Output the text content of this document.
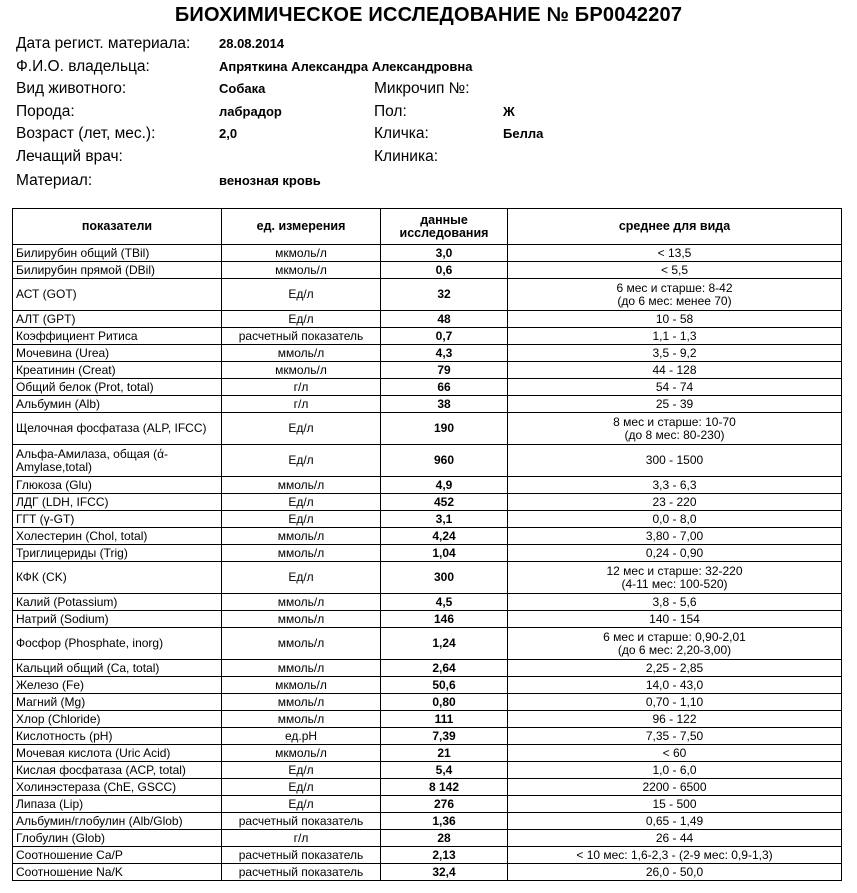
БИОХИМИЧЕСКОЕ ИССЛЕДОВАНИЕ № БР0042207
Дата регист. материала: 28.08.2014
Ф.И.О. владельца:	Апряткина Александра Александровна
Вид животного:	Собака	Микрочип №:
Порода:	лабрадор	Пол:	Ж
Возраст (лет, мес.):	2,0	Кличка:	Белла
Лечащий врач:	Клиника:
Материал:	венозная кровь
показатели	ед. измерения	данные исследования	среднее для вида
Билирубин общий (TBil)	мкмоль/л	3,0	< 13,5

Билирубин прямой (DBil)	мкмоль/л	0,6	< 5,5

АСТ (GOT)	Ед/л	32	6 мес и старше: 8-42
(до 6 мес: менее 70)

АЛТ (GPT)	Ед/л	48	10 - 58

Коэффициент Ритиса	расчетный показатель	0,7	1,1 - 1,3

Мочевина (Urea)	ммоль/л	4,3	3,5 - 9,2

Креатинин (Creat)	мкмоль/л	79	44 - 128

Общий белок (Prot, total)	г/л	66	54 - 74

Альбумин (Alb)	г/л	38	25 - 39

Щелочная фосфатаза (ALP, IFCC)	Ед/л	190	8 мес и старше: 10-70
(до 8 мес: 80-230)

Альфа-Амилаза, общая (ά-Amylase,total)	Ед/л	960	300 - 1500

Глюкоза (Glu)	ммоль/л	4,9	3,3 - 6,3

ЛДГ (LDH, IFCC)	Ед/л	452	23 - 220

ГГТ (γ-GT)	Ед/л	3,1	0,0 - 8,0

Холестерин (Chol, total)	ммоль/л	4,24	3,80 - 7,00

Триглицериды (Trig)	ммоль/л	1,04	0,24 - 0,90

КФК (CK)	Ед/л	300	12 мес и старше: 32-220
(4-11 мес: 100-520)

Калий (Potassium)	ммоль/л	4,5	3,8 - 5,6

Натрий (Sodium)	ммоль/л	146	140 - 154

Фосфор (Phosphate, inorg)	ммоль/л	1,24	6 мес и старше: 0,90-2,01
(до 6 мес: 2,20-3,00)

Кальций общий (Ca, total)	ммоль/л	2,64	2,25 - 2,85

Железо (Fe)	мкмоль/л	50,6	14,0 - 43,0

Магний (Mg)	ммоль/л	0,80	0,70 - 1,10

Хлор (Chloride)	ммоль/л	111	96 - 122

Кислотность (pH)	ед.pH	7,39	7,35 - 7,50

Мочевая кислота (Uric Acid)	мкмоль/л	21	< 60

Кислая фосфатаза (ACP, total)	Ед/л	5,4	1,0 - 6,0

Холинэстераза (ChE, GSCC)	Ед/л	8 142	2200 - 6500

Липаза (Lip)	Ед/л	276	15 - 500

Альбумин/глобулин (Alb/Glob)	расчетный показатель	1,36	0,65 - 1,49

Глобулин (Glob)	г/л	28	26 - 44

Соотношение Ca/P	расчетный показатель	2,13	< 10 мес: 1,6-2,3 - (2-9 мес: 0,9-1,3)

Соотношение Na/K	расчетный показатель	32,4	26,0 - 50,0
